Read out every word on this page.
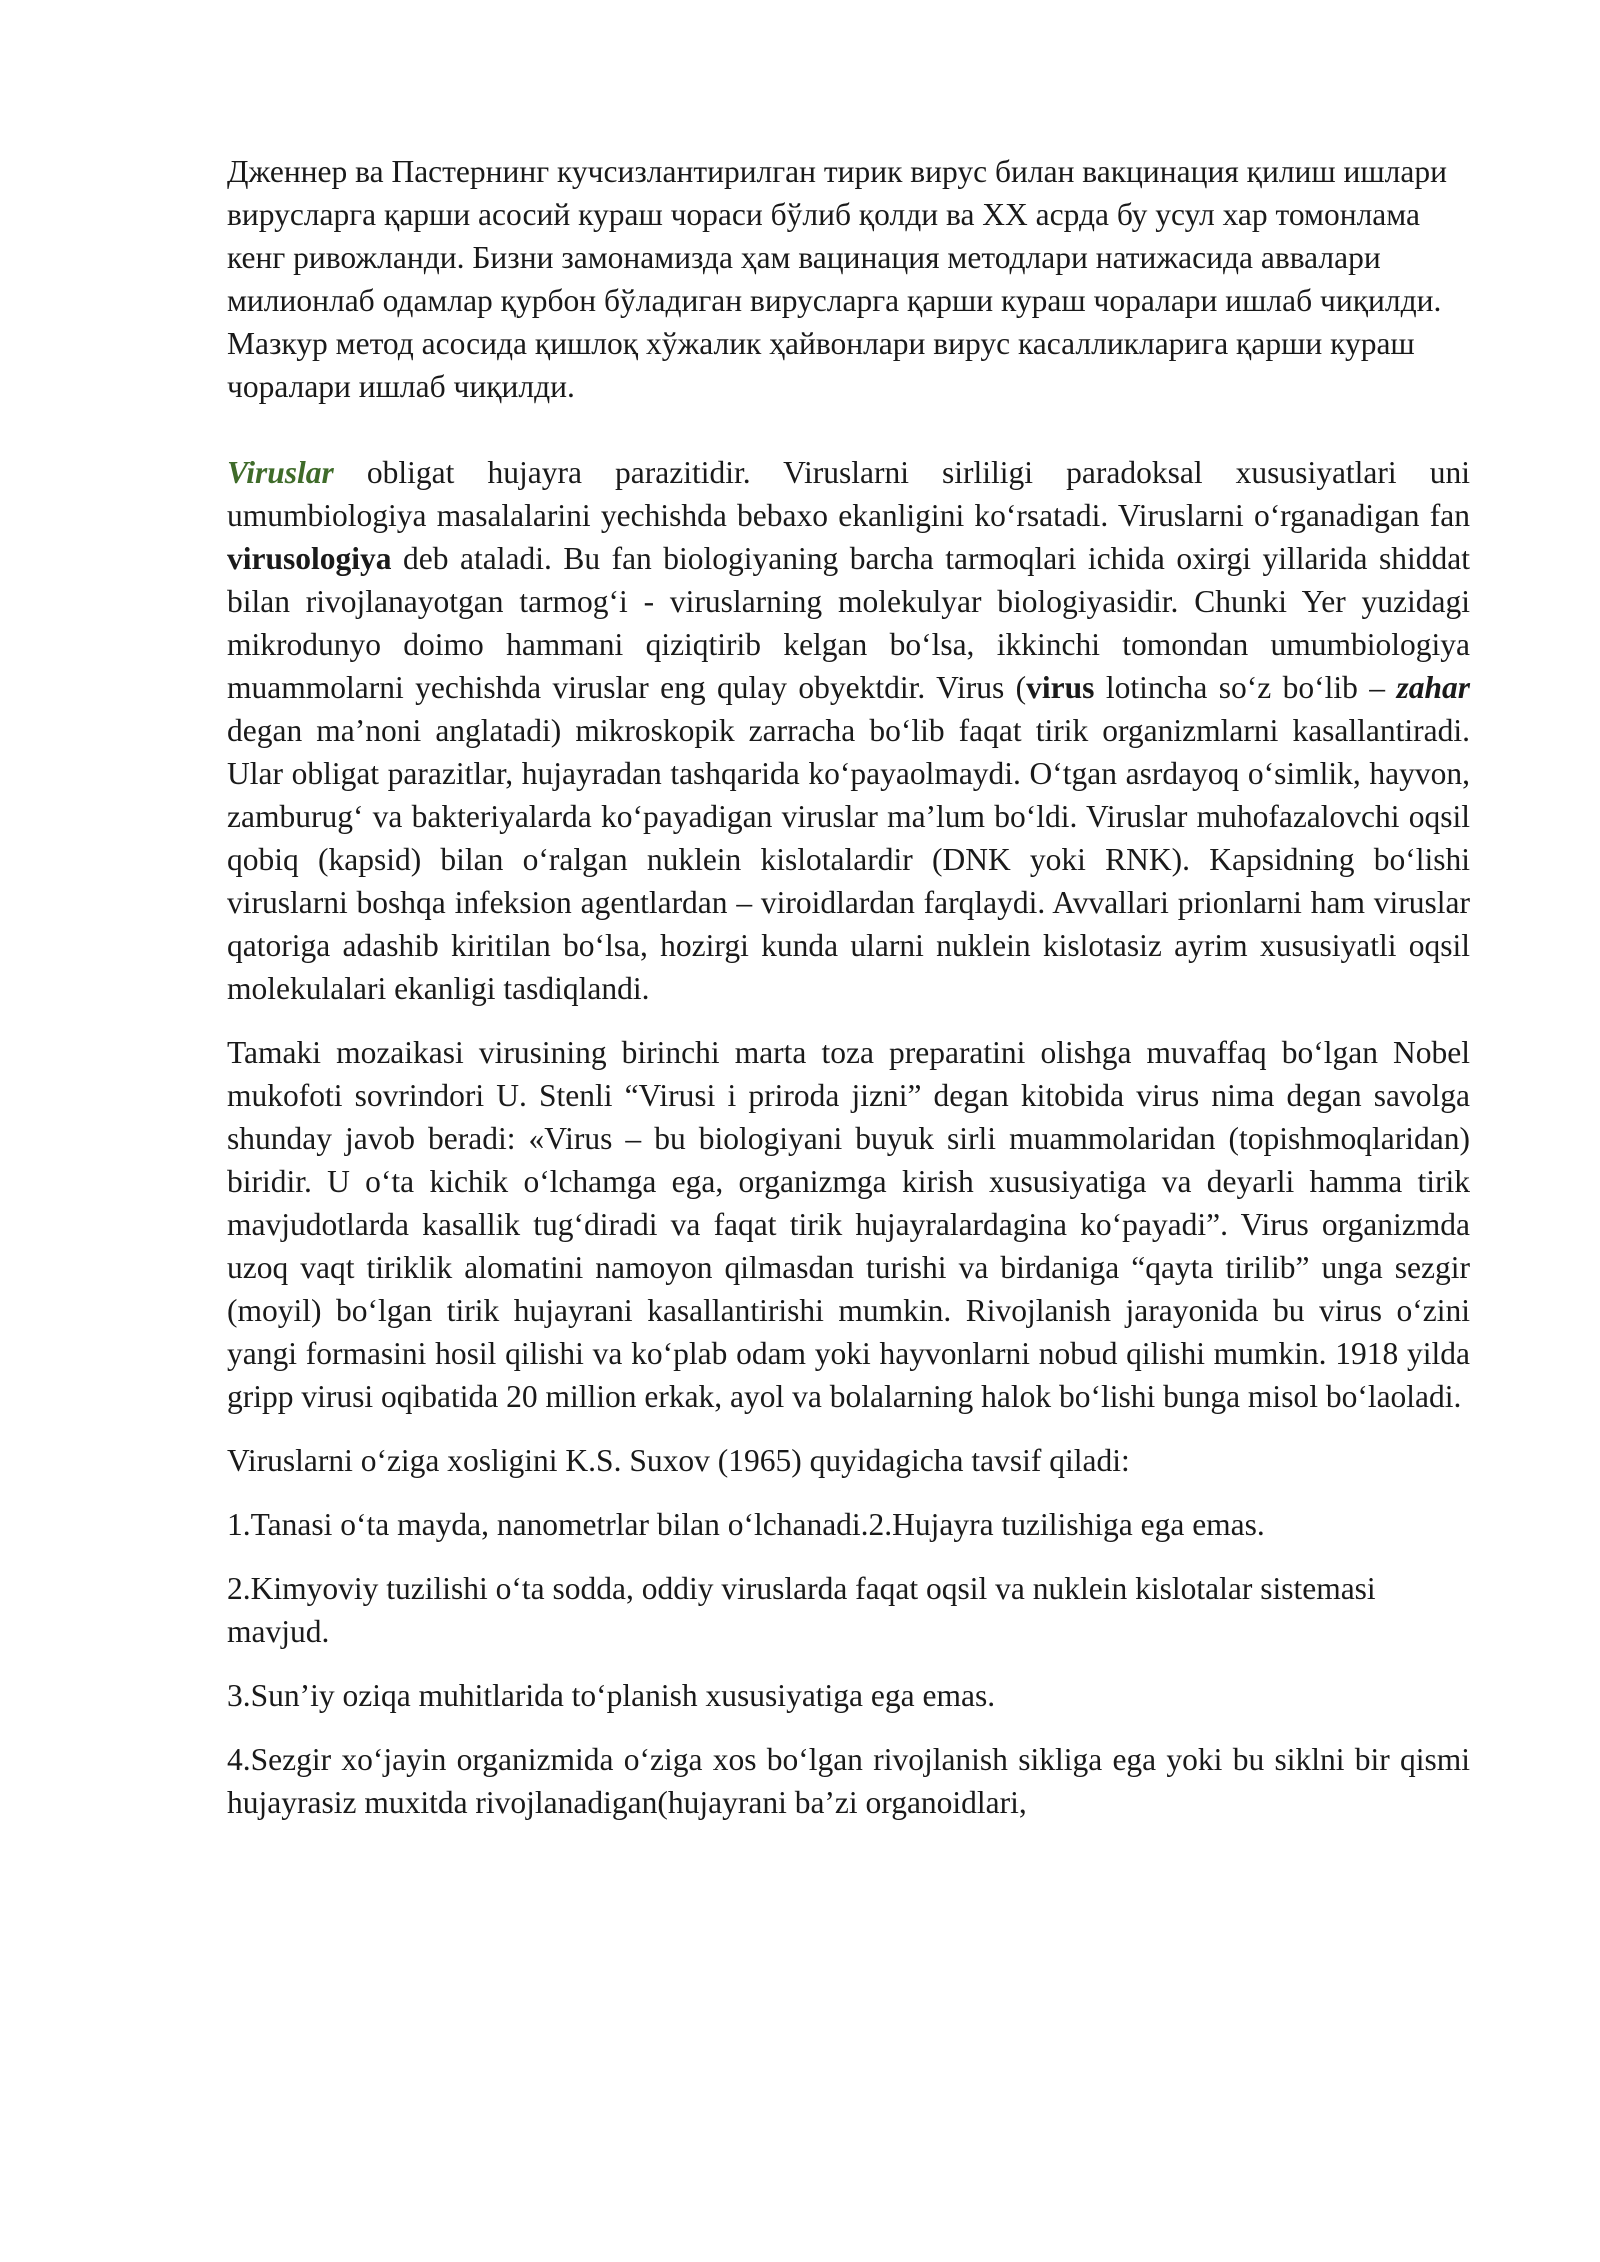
Дженнер ва Пастернинг кучсизлантирилган тирик вирус билан вакцинация қилиш ишлари вирусларга қарши асосий кураш чораси бўлиб қолди ва XX асрда бу усул хар томонлама кенг ривожланди. Бизни замонамизда ҳам вацинация методлари натижасида аввалари милионлаб одамлар қурбон бўладиган вирусларга қарши кураш чоралари ишлаб чиқилди. Мазкур метод асосида қишлоқ хўжалик ҳайвонлари вирус касалликларига қарши кураш чоралари ишлаб чиқилди.

Viruslar obligat hujayra parazitidir. Viruslarni sirliligi paradoksal xususiyatlari uni umumbiologiya masalalarini yechishda bebaxo ekanligini koʻrsatadi. Viruslarni oʻrganadigan fan virusologiya deb ataladi. Bu fan biologiyaning barcha tarmoqlari ichida oxirgi yillarida shiddat bilan rivojlanayotgan tarmogʻi - viruslarning molekulyar biologiyasidir. Chunki Yer yuzidagi mikrodunyo doimo hammani qiziqtirib kelgan boʻlsa, ikkinchi tomondan umumbiologiya muammolarni yechishda viruslar eng qulay obyektdir. Virus (virus lotincha soʻz boʻlib – zahar degan ma’noni anglatadi) mikroskopik zarracha boʻlib faqat tirik organizmlarni kasallantiradi. Ular obligat parazitlar, hujayradan tashqarida koʻpayaolmaydi. Oʻtgan asrdayoq oʻsimlik, hayvon, zamburugʻ va bakteriyalarda koʻpayadigan viruslar ma’lum boʻldi. Viruslar muhofazalovchi oqsil qobiq (kapsid) bilan oʻralgan nuklein kislotalardir (DNK yoki RNK). Kapsidning boʻlishi viruslarni boshqa infeksion agentlardan – viroidlardan farqlaydi. Avvallari prionlarni ham viruslar qatoriga adashib kiritilan boʻlsa, hozirgi kunda ularni nuklein kislotasiz ayrim xususiyatli oqsil molekulalari ekanligi tasdiqlandi.

Tamaki mozaikasi virusining birinchi marta toza preparatini olishga muvaffaq boʻlgan Nobel mukofoti sovrindori U. Stenli “Virusi i priroda jizni” degan kitobida virus nima degan savolga shunday javob beradi: «Virus – bu biologiyani buyuk sirli muammolaridan (topishmoqlaridan) biridir. U oʻta kichik oʻlchamga ega, organizmga kirish xususiyatiga va deyarli hamma tirik mavjudotlarda kasallik tugʻdiradi va faqat tirik hujayralardagina koʻpayadi”. Virus organizmda uzoq vaqt tiriklik alomatini namoyon qilmasdan turishi va birdaniga “qayta tirilib” unga sezgir (moyil) boʻlgan tirik hujayrani kasallantirishi mumkin. Rivojlanish jarayonida bu virus oʻzini yangi formasini hosil qilishi va koʻplab odam yoki hayvonlarni nobud qilishi mumkin. 1918 yilda gripp virusi oqibatida 20 million erkak, ayol va bolalarning halok boʻlishi bunga misol boʻlaoladi.

Viruslarni oʻziga xosligini K.S. Suxov (1965) quyidagicha tavsif qiladi:

1.Tanasi oʻta mayda, nanometrlar bilan oʻlchanadi.2.Hujayra tuzilishiga ega emas.

2.Kimyoviy tuzilishi oʻta sodda, oddiy viruslarda faqat oqsil va nuklein kislotalar sistemasi mavjud.

3.Sun’iy oziqa muhitlarida toʻplanish xususiyatiga ega emas.

4.Sezgir xoʻjayin organizmida oʻziga xos boʻlgan rivojlanish sikliga ega yoki bu siklni bir qismi hujayrasiz muxitda rivojlanadigan(hujayrani ba’zi organoidlari,
